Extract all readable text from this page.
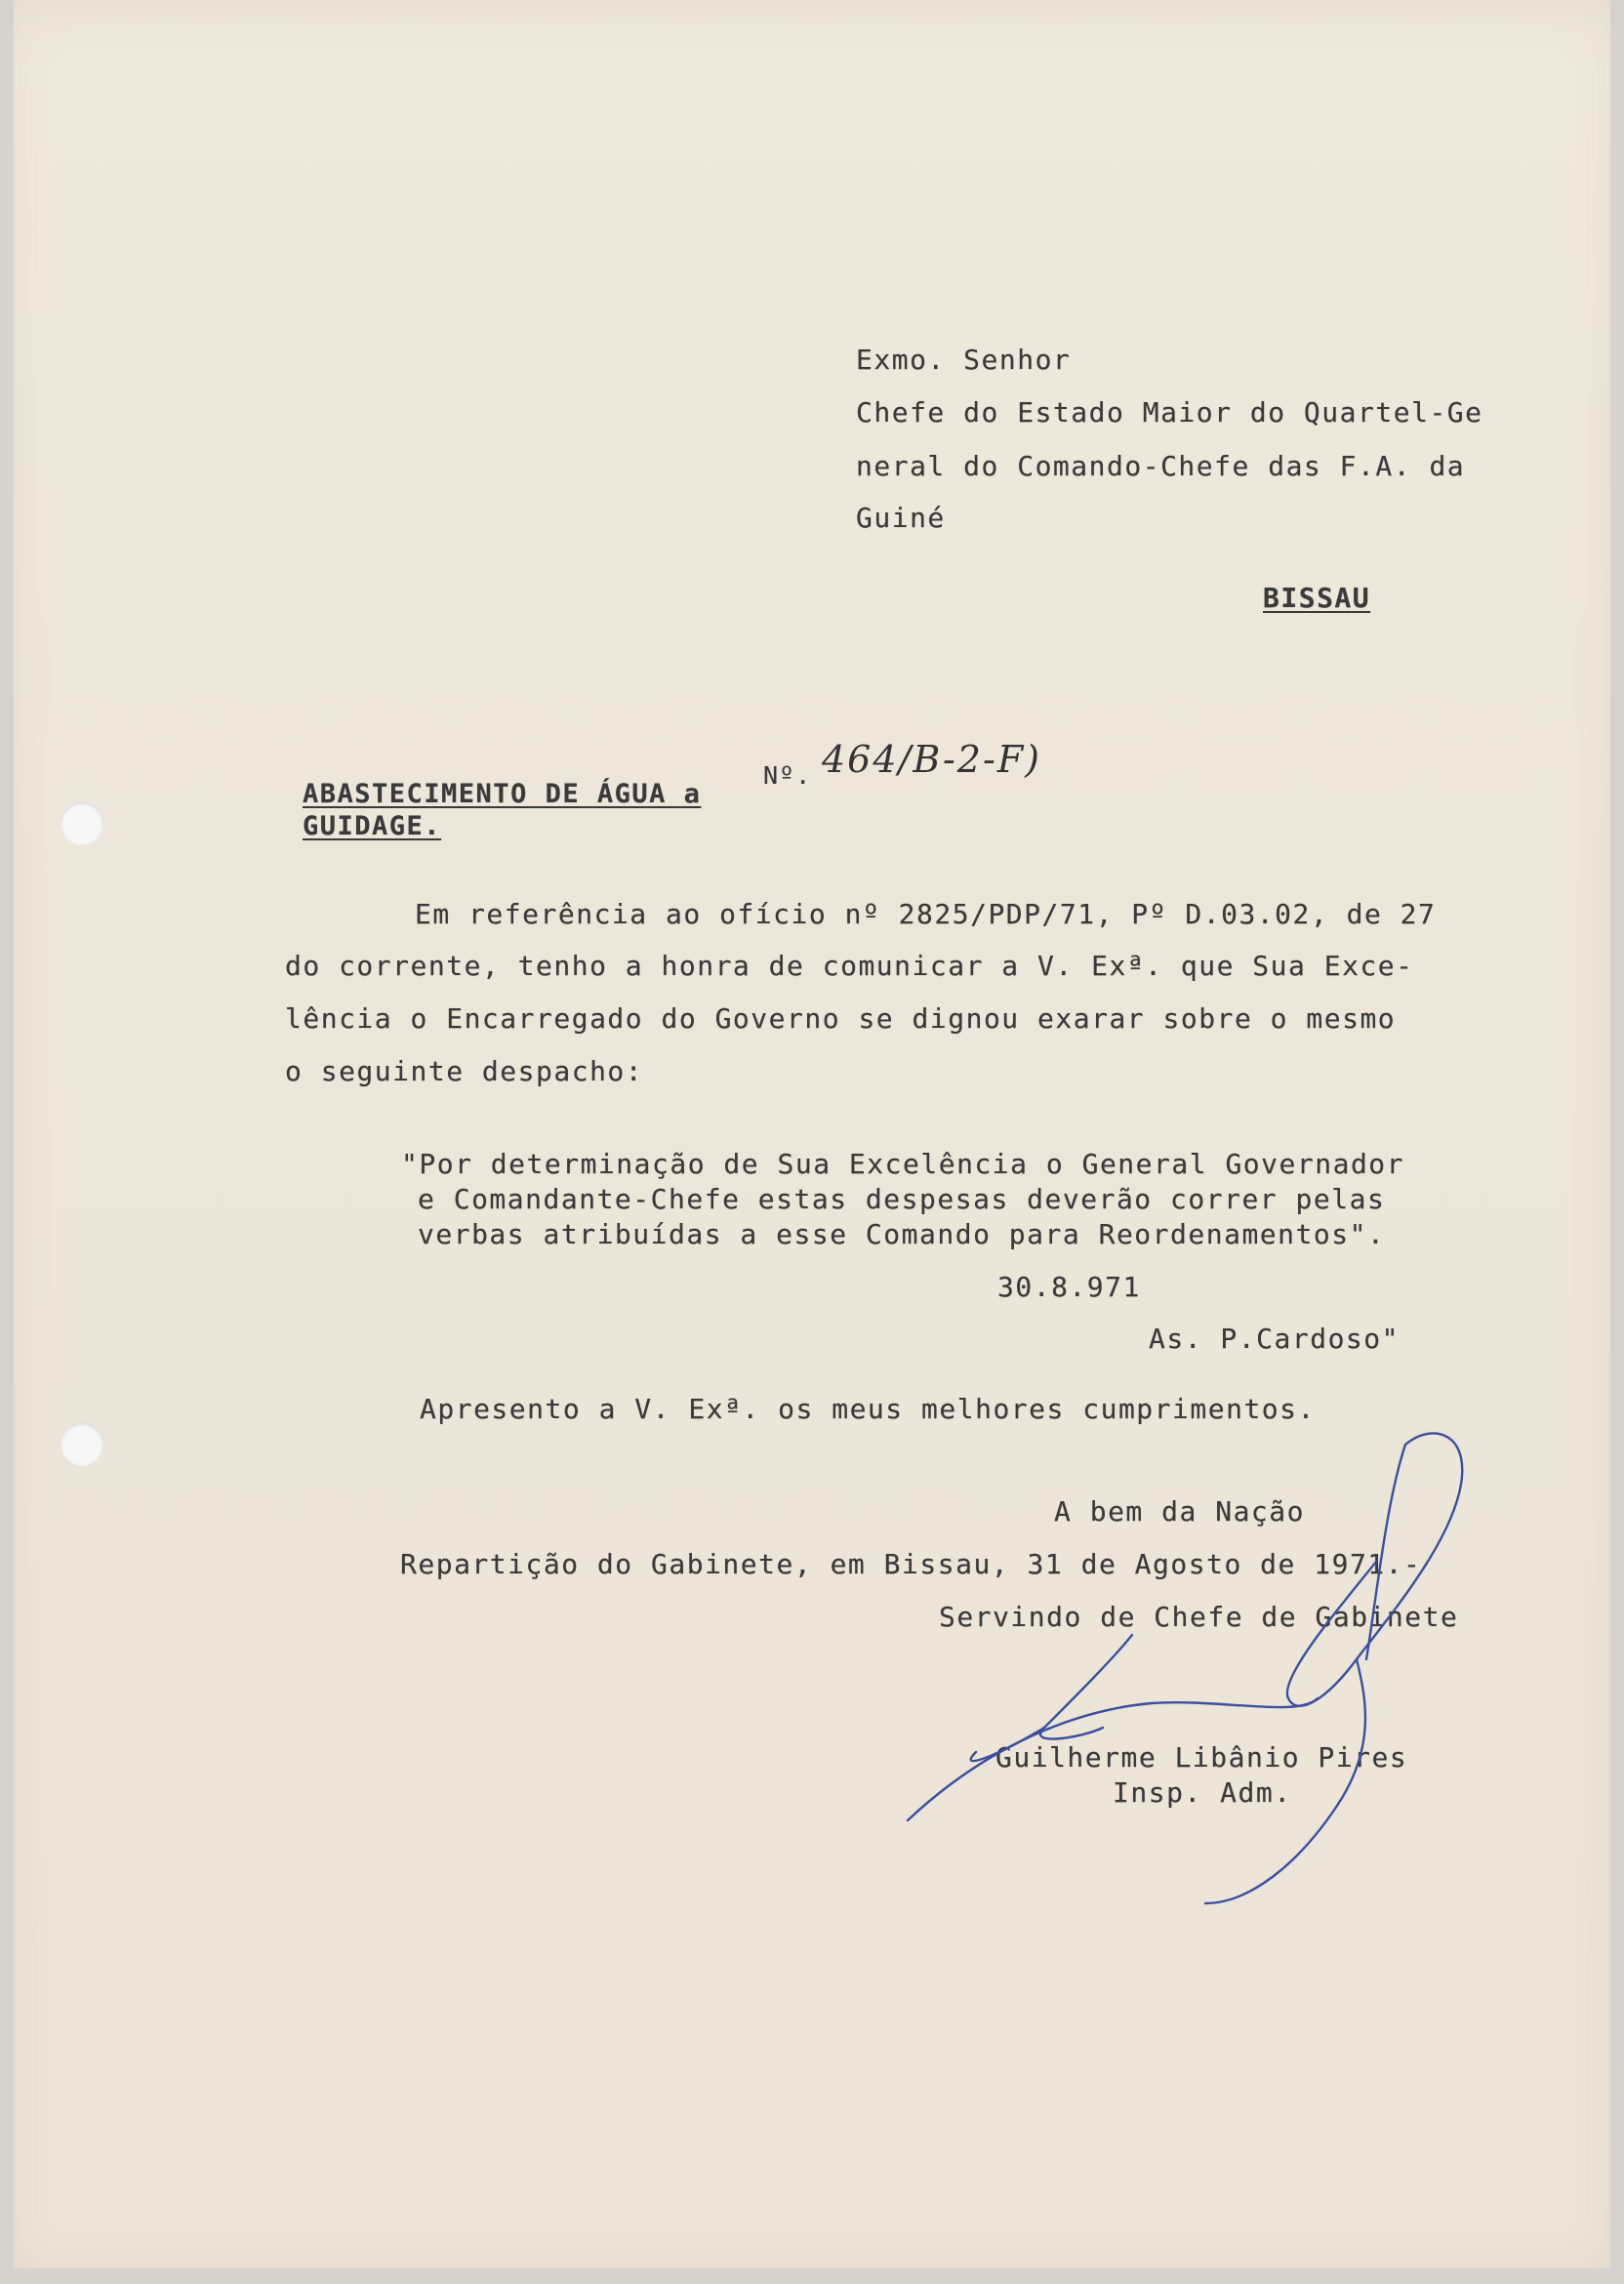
Exmo. Senhor
Chefe do Estado Maior do Quartel-Ge
neral do Comando-Chefe das F.A. da
Guiné
BISSAU
ABASTECIMENTO DE ÁGUA a
GUIDAGE.
Nº. 464/B-2-F)
Em referência ao ofício nº 2825/PDP/71, Pº D.03.02, de 27
do corrente, tenho a honra de comunicar a V. Exª. que Sua Exce-
lência o Encarregado do Governo se dignou exarar sobre o mesmo
o seguinte despacho:
"Por determinação de Sua Excelência o General Governador
e Comandante-Chefe estas despesas deverão correr pelas
verbas atribuídas a esse Comando para Reordenamentos".
30.8.971
As. P.Cardoso"
Apresento a V. Exª. os meus melhores cumprimentos.
A bem da Nação
Repartição do Gabinete, em Bissau, 31 de Agosto de 1971.-
Servindo de Chefe de Gabinete
Guilherme Libânio Pires
Insp. Adm.
